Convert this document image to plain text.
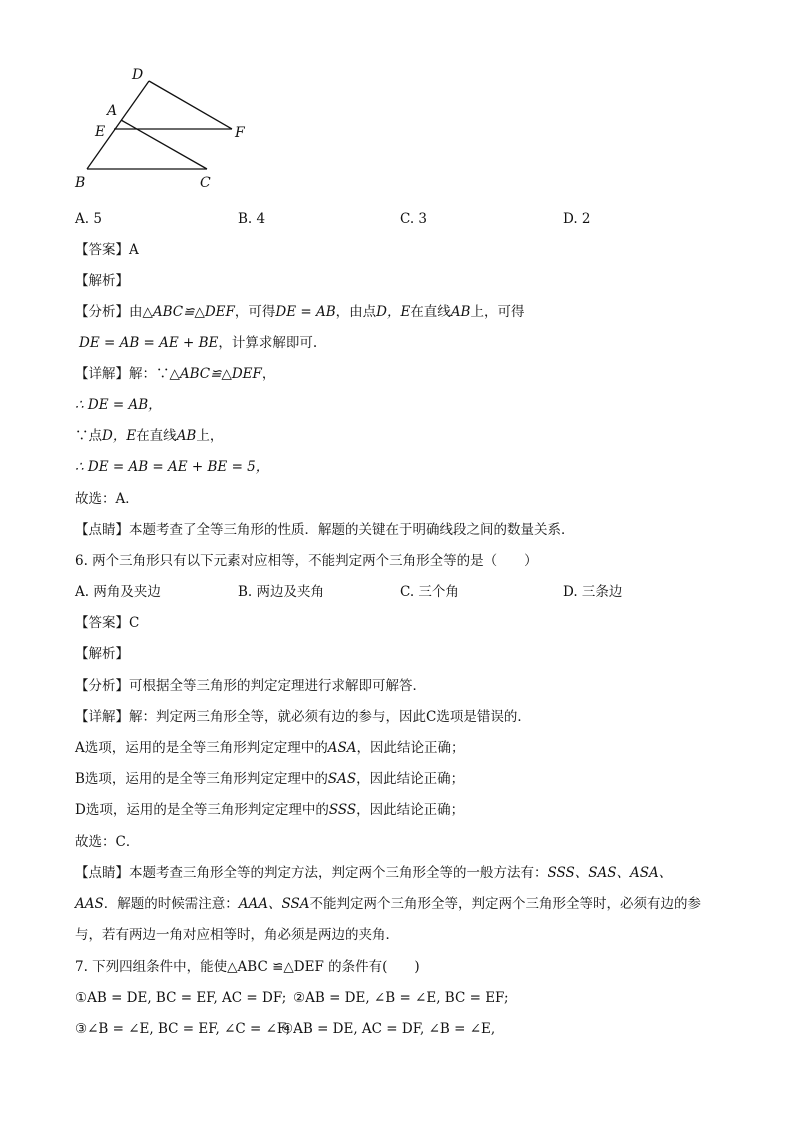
D
A
E	F
B	C
A. 5	B. 4	C. 3	D. 2
【答案】A
【解析】
【分析】由△ABC≌△DEF，可得DE = AB，由点D，E在直线AB上，可得
DE = AB = AE + BE，计算求解即可.
【详解】解：∵△ABC≌△DEF，
∴ DE = AB，
∵点D，E在直线AB上，
∴ DE = AB = AE + BE = 5，
故选：A．
【点睛】本题考查了全等三角形的性质．解题的关键在于明确线段之间的数量关系．
6. 两个三角形只有以下元素对应相等，不能判定两个三角形全等的是（　　）
A. 两角及夹边	B. 两边及夹角	C. 三个角	D. 三条边
【答案】C
【解析】
【分析】可根据全等三角形的判定定理进行求解即可解答．
【详解】解：判定两三角形全等，就必须有边的参与，因此C选项是错误的．
A选项，运用的是全等三角形判定定理中的ASA，因此结论正确；
B选项，运用的是全等三角形判定定理中的SAS，因此结论正确；
D选项，运用的是全等三角形判定定理中的SSS，因此结论正确；
故选：C．
【点睛】本题考查三角形全等的判定方法，判定两个三角形全等的一般方法有：SSS、SAS、ASA、
AAS．解题的时候需注意：AAA、SSA不能判定两个三角形全等，判定两个三角形全等时，必须有边的参
与，若有两边一角对应相等时，角必须是两边的夹角．
7. 下列四组条件中，能使△ABC ≌△DEF 的条件有(　　)
①AB = DE, BC = EF, AC = DF; ②AB = DE, ∠B = ∠E, BC = EF;
③∠B = ∠E, BC = EF, ∠C = ∠F;
④AB = DE, AC = DF, ∠B = ∠E,
